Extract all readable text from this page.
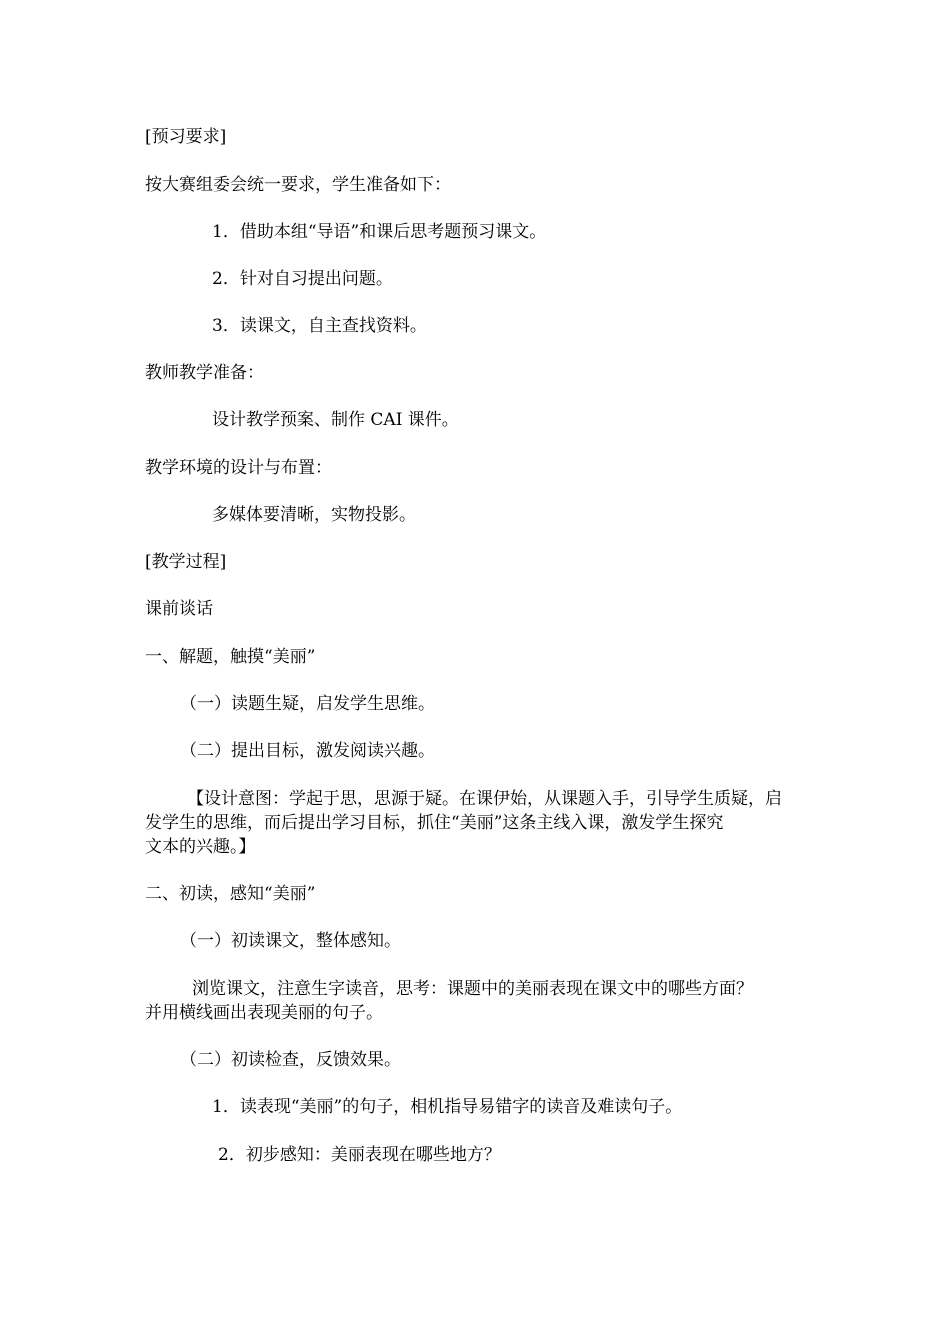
[预习要求]

按大赛组委会统一要求，学生准备如下：

1．借助本组“导语”和课后思考题预习课文。

2．针对自习提出问题。

3．读课文，自主查找资料。

教师教学准备：

设计教学预案、制作 CAI 课件。

教学环境的设计与布置：

多媒体要清晰，实物投影。

[教学过程]

课前谈话

一、解题，触摸“美丽”

（一）读题生疑，启发学生思维。

（二）提出目标，激发阅读兴趣。

【设计意图：学起于思，思源于疑。在课伊始，从课题入手，引导学生质疑，启

发学生的思维，而后提出学习目标，抓住“美丽”这条主线入课，激发学生探究

文本的兴趣。】

二、初读，感知“美丽”

（一）初读课文，整体感知。

浏览课文，注意生字读音，思考：课题中的美丽表现在课文中的哪些方面？

并用横线画出表现美丽的句子。

（二）初读检查，反馈效果。

1．读表现“美丽”的句子，相机指导易错字的读音及难读句子。

2．初步感知：美丽表现在哪些地方？
